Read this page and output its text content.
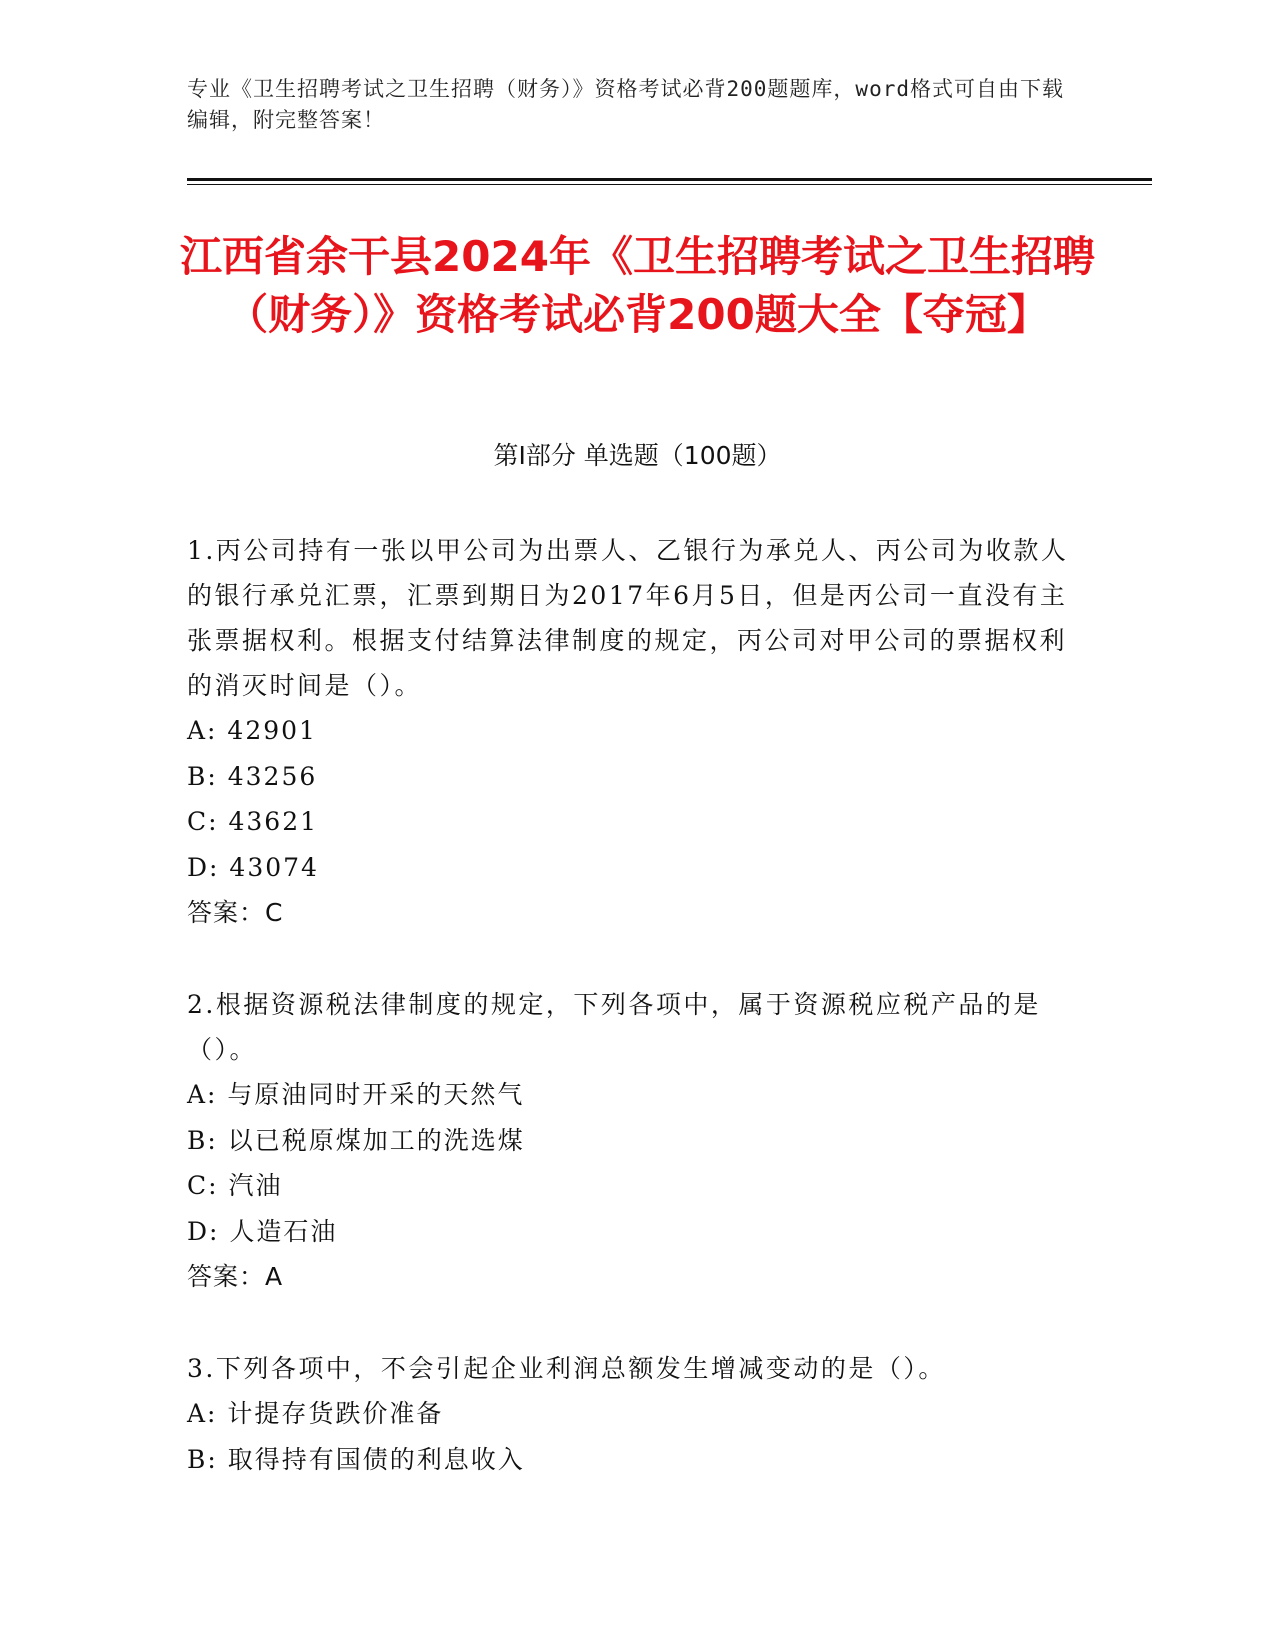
专业《卫生招聘考试之卫生招聘（财务）》资格考试必背200题题库，word格式可自由下载编辑，附完整答案！
江西省余干县2024年《卫生招聘考试之卫生招聘（财务）》资格考试必背200题大全【夺冠】
第I部分 单选题（100题）

1.丙公司持有一张以甲公司为出票人、乙银行为承兑人、丙公司为收款人的银行承兑汇票，汇票到期日为2017年6月5日，但是丙公司一直没有主张票据权利。根据支付结算法律制度的规定，丙公司对甲公司的票据权利的消灭时间是（）。

A: 42901

B: 43256

C: 43621

D: 43074

答案：C

2.根据资源税法律制度的规定，下列各项中，属于资源税应税产品的是（）。

A: 与原油同时开采的天然气

B: 以已税原煤加工的洗选煤

C: 汽油

D: 人造石油

答案：A

3.下列各项中，不会引起企业利润总额发生增减变动的是（）。

A: 计提存货跌价准备

B: 取得持有国债的利息收入
